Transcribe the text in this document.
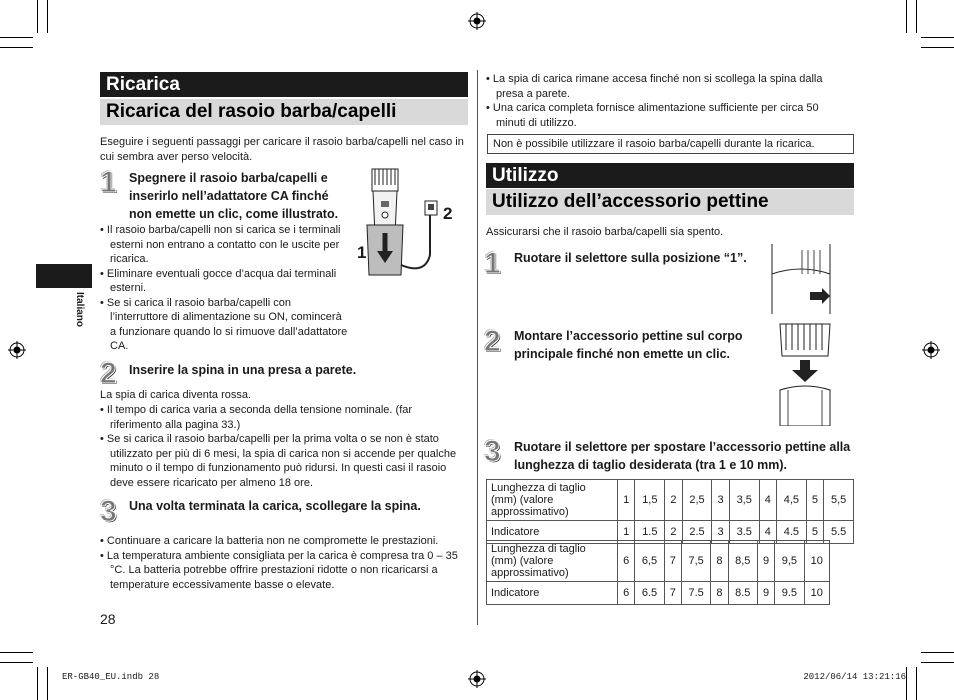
Italiano
Ricarica
Ricarica del rasoio barba/capelli
Eseguire i seguenti passaggi per caricare il rasoio barba/capelli nel caso in cui sembra aver perso velocità.
1 Spegnere il rasoio barba/capelli e inserirlo nell’adattatore CA finché non emette un clic, come illustrato.
• Il rasoio barba/capelli non si carica se i terminali esterni non entrano a contatto con le uscite per ricarica.
• Eliminare eventuali gocce d’acqua dai terminali esterni.
• Se si carica il rasoio barba/capelli con l’interruttore di alimentazione su ON, comincerà a funzionare quando lo si rimuove dall’adattatore CA.
1
2
2 Inserire la spina in una presa a parete.
La spia di carica diventa rossa.
• Il tempo di carica varia a seconda della tensione nominale. (far riferimento alla pagina 33.)
• Se si carica il rasoio barba/capelli per la prima volta o se non è stato utilizzato per più di 6 mesi, la spia di carica non si accende per qualche minuto o il tempo di funzionamento può ridursi. In questi casi il rasoio deve essere ricaricato per almeno 18 ore.
3 Una volta terminata la carica, scollegare la spina.
• Continuare a caricare la batteria non ne compromette le prestazioni.
• La temperatura ambiente consigliata per la carica è compresa tra 0 – 35 °C. La batteria potrebbe offrire prestazioni ridotte o non ricaricarsi a temperature eccessivamente basse o elevate.
28
• La spia di carica rimane accesa finché non si scollega la spina dalla presa a parete.
• Una carica completa fornisce alimentazione sufficiente per circa 50 minuti di utilizzo.
Non è possibile utilizzare il rasoio barba/capelli durante la ricarica.
Utilizzo
Utilizzo dell’accessorio pettine
Assicurarsi che il rasoio barba/capelli sia spento.
1 Ruotare il selettore sulla posizione “1”.
2 Montare l’accessorio pettine sul corpo principale finché non emette un clic.
3 Ruotare il selettore per spostare l’accessorio pettine alla lunghezza di taglio desiderata (tra 1 e 10 mm).
Lunghezza di taglio (mm) (valore approssimativo)	1	1,5	2	2,5	3	3,5	4	4,5	5	5,5
Indicatore	1	1.5	2	2.5	3	3.5	4	4.5	5	5.5
Lunghezza di taglio (mm) (valore approssimativo)	6	6,5	7	7,5	8	8,5	9	9,5	10
Indicatore	6	6.5	7	7.5	8	8.5	9	9.5	10
ER-GB40_EU.indb 28	2012/06/14 13:21:16
